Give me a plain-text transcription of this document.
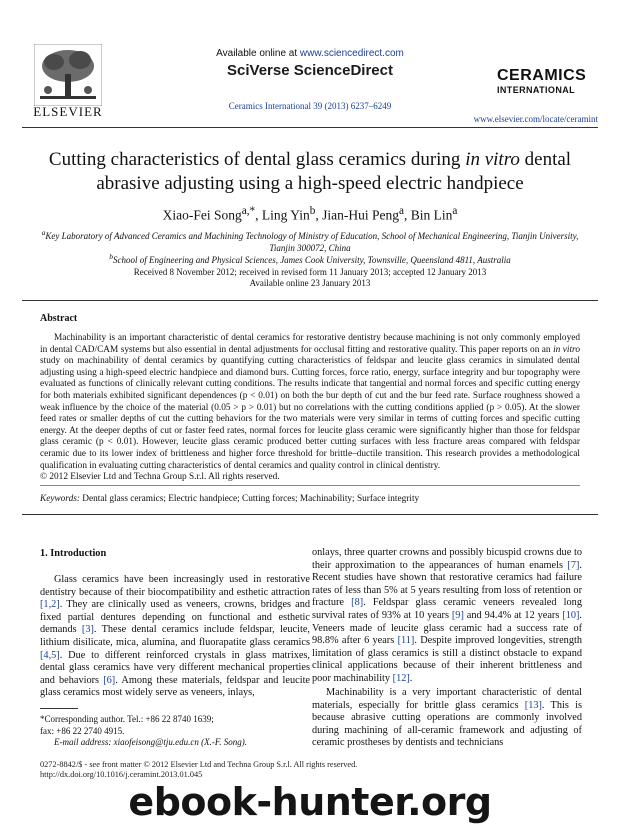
ELSEVIER
Available online at www.sciencedirect.com
SciVerse ScienceDirect
Ceramics International 39 (2013) 6237–6249
CERAMICS
INTERNATIONAL
www.elsevier.com/locate/ceramint
Cutting characteristics of dental glass ceramics during in vitro dental abrasive adjusting using a high-speed electric handpiece
Xiao-Fei Song$^{a,*}$, Ling Yin$^b$, Jian-Hui Peng$^a$, Bin Lin$^a$
$^a$Key Laboratory of Advanced Ceramics and Machining Technology of Ministry of Education, School of Mechanical Engineering, Tianjin University, Tianjin 300072, China
$^b$School of Engineering and Physical Sciences, James Cook University, Townsville, Queensland 4811, Australia
Received 8 November 2012; received in revised form 11 January 2013; accepted 12 January 2013
Available online 23 January 2013
Abstract
Machinability is an important characteristic of dental ceramics for restorative dentistry because machining is not only commonly employed in dental CAD/CAM systems but also essential in dental adjustments for occlusal fitting and restorative quality. This paper reports on an in vitro study on machinability of dental ceramics by quantifying cutting characteristics of feldspar and leucite glass ceramics in simulated dental adjusting using a high-speed electric handpiece and diamond burs. Cutting forces, force ratio, energy, surface integrity and bur topography were evaluated as functions of clinically relevant cutting conditions. The results indicate that tangential and normal forces and specific cutting energy for both materials exhibited significant dependences (p < 0.01) on both the bur depth of cut and the bur feed rate. Surface roughness showed a weak influence by the choice of the material (0.05 > p > 0.01) but no correlations with the cutting conditions applied (p > 0.05). At the slower feed rates or smaller depths of cut the cutting behaviors for the two materials were very similar in terms of cutting forces and specific cutting energy. At the deeper depths of cut or faster feed rates, normal forces for leucite glass ceramic were significantly higher than those for feldspar glass ceramic (p < 0.01). However, leucite glass ceramic produced better cutting surfaces with less fracture areas compared with feldspar ceramic due to its lower index of brittleness and higher force threshold for brittle–ductile transition. This research provides a methodological qualification in evaluating cutting characteristics of dental ceramics and quality control in clinical dentistry.
© 2012 Elsevier Ltd and Techna Group S.r.l. All rights reserved.
Keywords: Dental glass ceramics; Electric handpiece; Cutting forces; Machinability; Surface integrity
1. Introduction
Glass ceramics have been increasingly used in restorative dentistry because of their biocompatibility and esthetic attraction [1,2]. They are clinically used as veneers, crowns, bridges and fixed partial dentures depending on functional and esthetic demands [3]. These dental ceramics include feldspar, leucite, lithium disilicate, mica, alumina, and fluorapatite glass ceramics [4,5]. Due to different reinforced crystals in glass matrixes, dental glass ceramics have very different mechanical properties and behaviors [6]. Among these materials, feldspar and leucite glass ceramics most widely serve as veneers, inlays,
onlays, three quarter crowns and possibly bicuspid crowns due to their approximation to the appearances of human enamels [7]. Recent studies have shown that restorative ceramics had failure rates of less than 5% at 5 years resulting from loss of retention or fracture [8]. Feldspar glass ceramic veneers revealed long survival rates of 93% at 10 years [9] and 94.4% at 12 years [10]. Veneers made of leucite glass ceramic had a success rate of 98.8% after 6 years [11]. Despite improved longevities, strength limitation of glass ceramics is still a distinct obstacle to expand clinical applications because of their inherent brittleness and poor machinability [12].
Machinability is a very important characteristic of dental materials, especially for brittle glass ceramics [13]. This is because abrasive cutting operations are commonly involved during machining of all-ceramic framework and adjusting of ceramic prostheses by dentists and technicians
*Corresponding author. Tel.: +86 22 8740 1639;
fax: +86 22 2740 4915.
E-mail address: xiaofeisong@tju.edu.cn (X.-F. Song).
0272-8842/$ - see front matter © 2012 Elsevier Ltd and Techna Group S.r.l. All rights reserved.
http://dx.doi.org/10.1016/j.ceramint.2013.01.045
ebook-hunter.org
